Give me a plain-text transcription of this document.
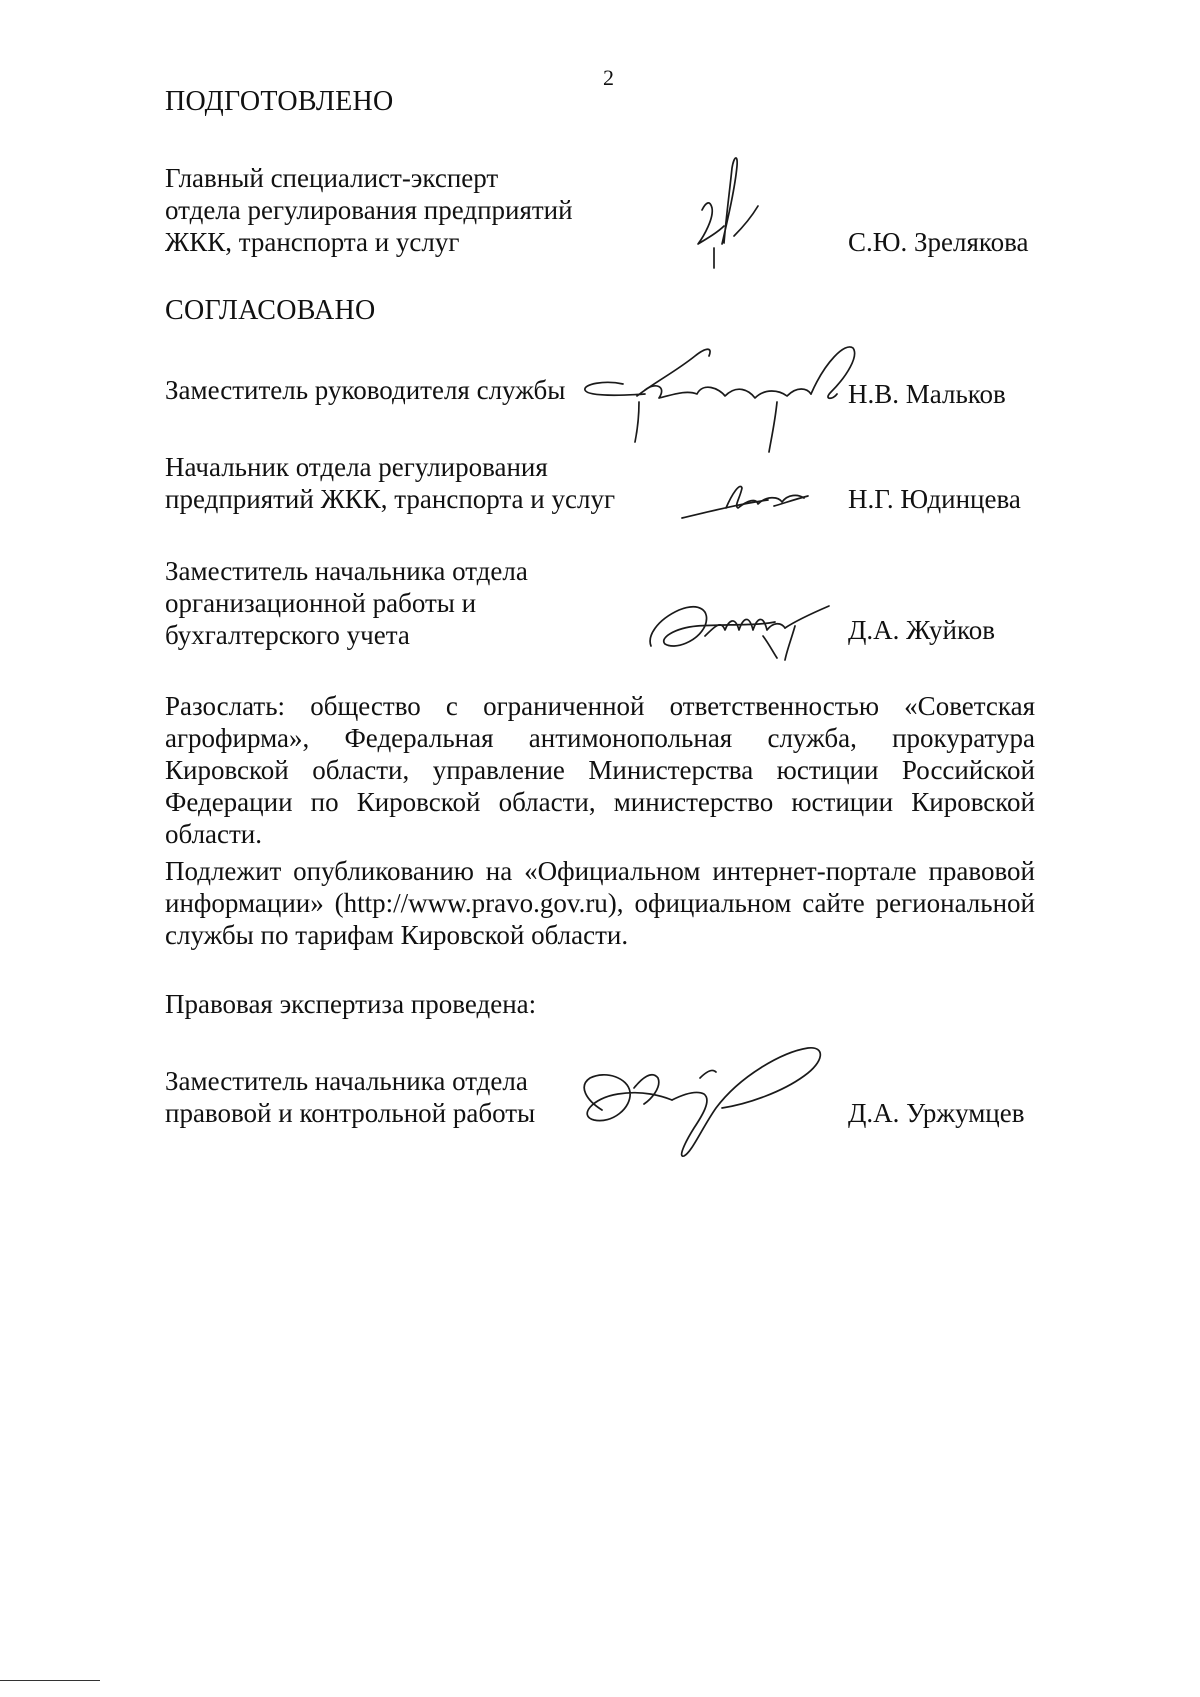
2
ПОДГОТОВЛЕНО
Главный специалист-эксперт
отдела регулирования предприятий
ЖКК, транспорта и услуг	С.Ю. Зрелякова
СОГЛАСОВАНО
Заместитель руководителя службы	Н.В. Мальков
Начальник отдела регулирования
предприятий ЖКК, транспорта и услуг	Н.Г. Юдинцева
Заместитель начальника отдела
организационной работы и
бухгалтерского учета	Д.А. Жуйков
Разослать: общество с ограниченной ответственностью «Советская агрофирма», Федеральная антимонопольная служба, прокуратура Кировской области, управление Министерства юстиции Российской Федерации по Кировской области, министерство юстиции Кировской области.
Подлежит опубликованию на «Официальном интернет-портале правовой информации» (http://www.pravo.gov.ru), официальном сайте региональной службы по тарифам Кировской области.
Правовая экспертиза проведена:
Заместитель начальника отдела
правовой и контрольной работы	Д.А. Уржумцев
